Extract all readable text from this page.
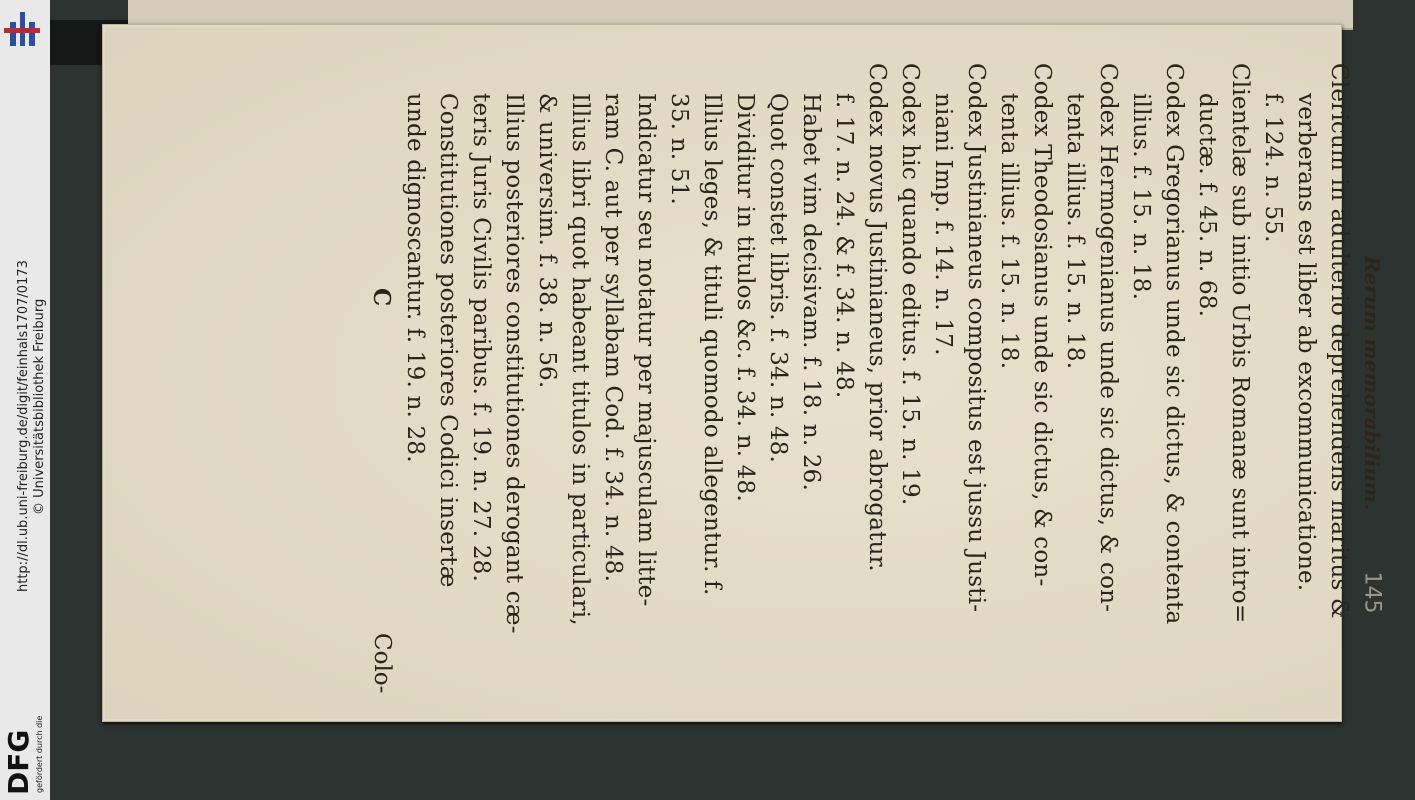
http://dl.ub.uni-freiburg.de/digit/feinhals1707/0173 © Universitätsbibliothek Freiburg
gefördert durch die
DFG
Rerum memorabilium.
Clericum in adulterio deprehendens maritus &
verberans est liber ab excommunicatione.
f. 124. n. 55.
Clientelæ sub initio Urbis Romanæ sunt intro=
ductæ. f. 45. n. 68.
Codex Gregorianus unde sic dictus, & contenta
illius. f. 15. n. 18.
Codex Hermogenianus unde sic dictus, & con-
tenta illius. f. 15. n. 18.
Codex Theodosianus unde sic dictus, & con-
tenta illius. f. 15. n. 18.
Codex Justinianeus compositus est jussu Justi-
niani Imp. f. 14. n. 17.
Codex hic quando editus. f. 15. n. 19.
Codex novus Justinianeus, prior abrogatur.
f. 17. n. 24. & f. 34. n. 48.
Habet vim decisivam. f. 18. n. 26.
Quot constet libris. f. 34. n. 48.
Dividitur in titulos &c. f. 34. n. 48.
Illius leges, & tituli quomodo allegentur. f.
35. n. 51.
Indicatur seu notatur per majusculam litte-
ram C. aut per syllabam Cod. f. 34. n. 48.
Illius libri quot habeant titulos in particulari,
& universim. f. 38. n. 56.
Illius posteriores constitutiones derogant cæ-
teris Juris Civilis paribus. f. 19. n. 27. 28.
Constitutiones posteriores Codici insertæ
unde dignoscantur. f. 19. n. 28.
C
Colo-
145
